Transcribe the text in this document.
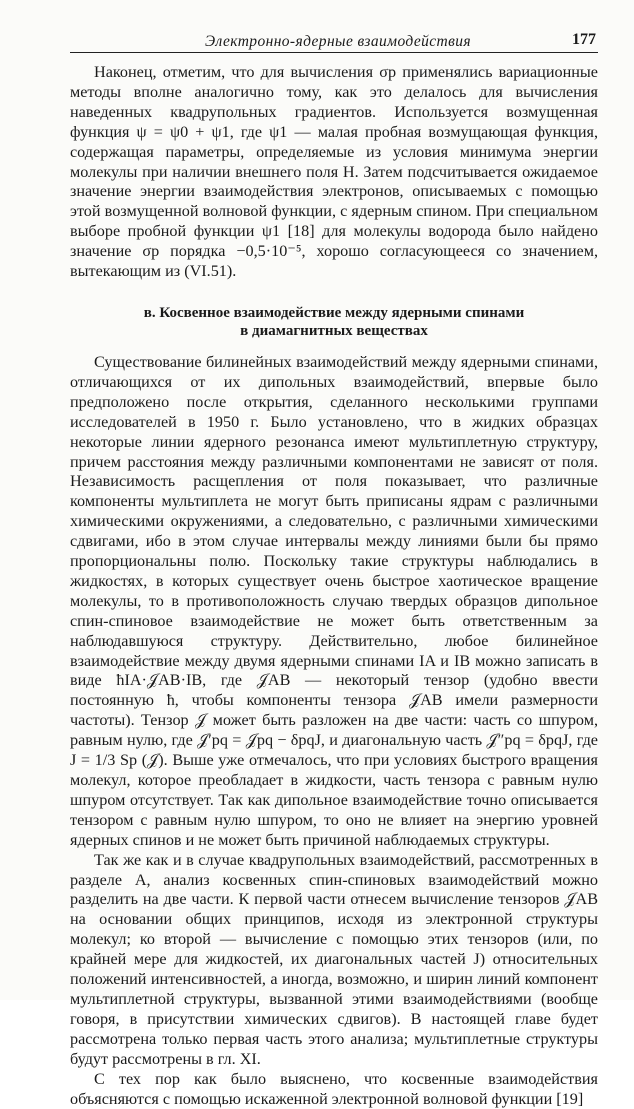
Электронно-ядерные взаимодействия	177

Наконец, отметим, что для вычисления σp применялись вариационные методы вполне аналогично тому, как это делалось для вычисления наведенных квадрупольных градиентов. Используется возмущенная функция ψ = ψ0 + ψ1, где ψ1 — малая пробная возмущающая функция, содержащая параметры, определяемые из условия минимума энергии молекулы при наличии внешнего поля H. Затем подсчитывается ожидаемое значение энергии взаимодействия электронов, описываемых с помощью этой возмущенной волновой функции, с ядерным спином. При специальном выборе пробной функции ψ1 [18] для молекулы водорода было найдено значение σp порядка −0,5·10⁻⁵, хорошо согласующееся со значением, вытекающим из (VI.51).

в. Косвенное взаимодействие между ядерными спинами
в диамагнитных веществах

Существование билинейных взаимодействий между ядерными спинами, отличающихся от их дипольных взаимодействий, впервые было предположено после открытия, сделанного несколькими группами исследователей в 1950 г. Было установлено, что в жидких образцах некоторые линии ядерного резонанса имеют мультиплетную структуру, причем расстояния между различными компонентами не зависят от поля. Независимость расщепления от поля показывает, что различные компоненты мультиплета не могут быть приписаны ядрам с различными химическими окружениями, а следовательно, с различными химическими сдвигами, ибо в этом случае интервалы между линиями были бы прямо пропорциональны полю. Поскольку такие структуры наблюдались в жидкостях, в которых существует очень быстрое хаотическое вращение молекулы, то в противоположность случаю твердых образцов дипольное спин-спиновое взаимодействие не может быть ответственным за наблюдавшуюся структуру. Действительно, любое билинейное взаимодействие между двумя ядерными спинами IA и IB можно записать в виде ħIA·𝒥AB·IB, где 𝒥AB — некоторый тензор (удобно ввести постоянную ħ, чтобы компоненты тензора 𝒥AB имели размерности частоты). Тензор 𝒥 может быть разложен на две части: часть со шпуром, равным нулю, где 𝒥′pq = 𝒥pq − δpqJ, и диагональную часть 𝒥″pq = δpqJ, где J = 1/3 Sp (𝒥). Выше уже отмечалось, что при условиях быстрого вращения молекул, которое преобладает в жидкости, часть тензора с равным нулю шпуром отсутствует. Так как дипольное взаимодействие точно описывается тензором с равным нулю шпуром, то оно не влияет на энергию уровней ядерных спинов и не может быть причиной наблюдаемых структуры.

Так же как и в случае квадрупольных взаимодействий, рассмотренных в разделе А, анализ косвенных спин-спиновых взаимодействий можно разделить на две части. К первой части отнесем вычисление тензоров 𝒥AB на основании общих принципов, исходя из электронной структуры молекул; ко второй — вычисление с помощью этих тензоров (или, по крайней мере для жидкостей, их диагональных частей J) относительных положений интенсивностей, а иногда, возможно, и ширин линий компонент мультиплетной структуры, вызванной этими взаимодействиями (вообще говоря, в присутствии химических сдвигов). В настоящей главе будет рассмотрена только первая часть этого анализа; мультиплетные структуры будут рассмотрены в гл. XI.

С тех пор как было выяснено, что косвенные взаимодействия объясняются с помощью искаженной электронной волновой функции [19]
